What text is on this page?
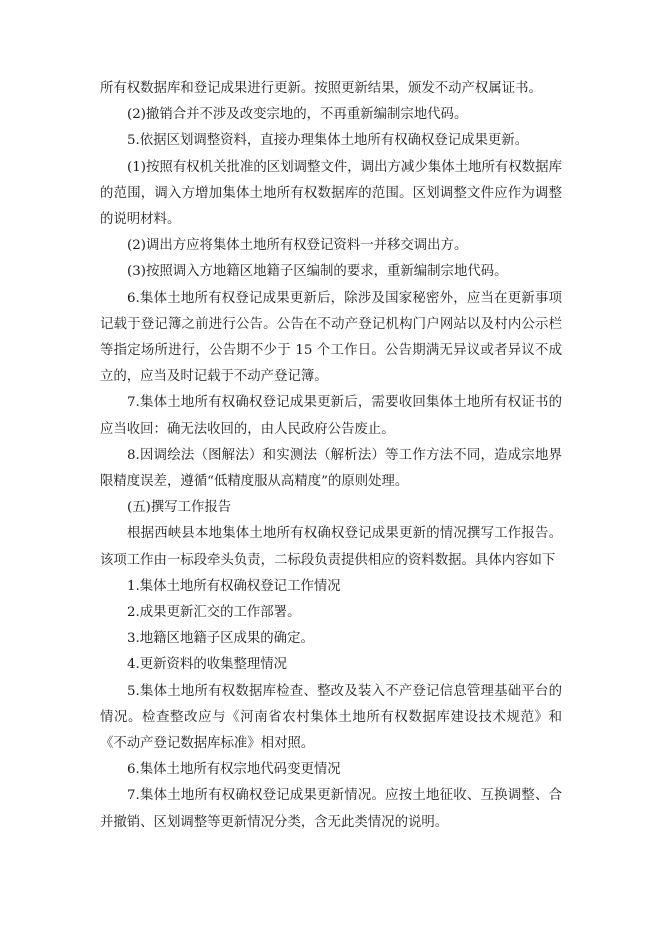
所有权数据库和登记成果进行更新。按照更新结果，颁发不动产权属证书。

(2)撤销合并不涉及改变宗地的，不再重新编制宗地代码。

5.依据区划调整资料，直接办理集体土地所有权确权登记成果更新。

(1)按照有权机关批准的区划调整文件，调出方减少集体土地所有权数据库的范围，调入方增加集体土地所有权数据库的范围。区划调整文件应作为调整的说明材料。

(2)调出方应将集体土地所有权登记资料一并移交调出方。

(3)按照调入方地籍区地籍子区编制的要求，重新编制宗地代码。

6.集体土地所有权登记成果更新后，除涉及国家秘密外，应当在更新事项记载于登记簿之前进行公告。公告在不动产登记机构门户网站以及村内公示栏等指定场所进行，公告期不少于 15 个工作日。公告期满无异议或者异议不成立的，应当及时记载于不动产登记簿。

7.集体土地所有权确权登记成果更新后，需要收回集体土地所有权证书的应当收回：确无法收回的，由人民政府公告废止。

8.因调绘法（图解法）和实测法（解析法）等工作方法不同，造成宗地界限精度误差，遵循“低精度服从高精度”的原则处理。

(五)撰写工作报告

根据西峡县本地集体土地所有权确权登记成果更新的情况撰写工作报告。该项工作由一标段牵头负责，二标段负责提供相应的资料数据。具体内容如下

1.集体土地所有权确权登记工作情况

2.成果更新汇交的工作部署。

3.地籍区地籍子区成果的确定。

4.更新资料的收集整理情况

5.集体土地所有权数据库检查、整改及装入不产登记信息管理基础平台的情况。检查整改应与《河南省农村集体土地所有权数据库建设技术规范》和《不动产登记数据库标准》相对照。

6.集体土地所有权宗地代码变更情况

7.集体土地所有权确权登记成果更新情况。应按土地征收、互换调整、合并撤销、区划调整等更新情况分类，含无此类情况的说明。
